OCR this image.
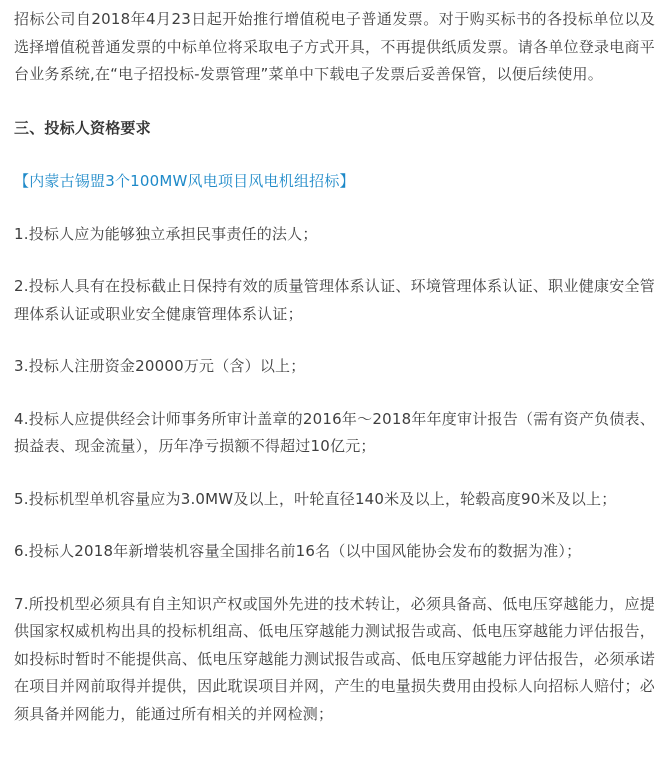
招标公司自2018年4月23日起开始推行增值税电子普通发票。对于购买标书的各投标单位以及选择增值税普通发票的中标单位将采取电子方式开具，不再提供纸质发票。请各单位登录电商平台业务系统,在“电子招投标-发票管理”菜单中下载电子发票后妥善保管，以便后续使用。

三、投标人资格要求

【内蒙古锡盟3个100MW风电项目风电机组招标】

1.投标人应为能够独立承担民事责任的法人；

2.投标人具有在投标截止日保持有效的质量管理体系认证、环境管理体系认证、职业健康安全管理体系认证或职业安全健康管理体系认证；

3.投标人注册资金20000万元（含）以上；

4.投标人应提供经会计师事务所审计盖章的2016年～2018年年度审计报告（需有资产负债表、损益表、现金流量），历年净亏损额不得超过10亿元；

5.投标机型单机容量应为3.0MW及以上，叶轮直径140米及以上，轮毂高度90米及以上；

6.投标人2018年新增装机容量全国排名前16名（以中国风能协会发布的数据为准）；

7.所投机型必须具有自主知识产权或国外先进的技术转让，必须具备高、低电压穿越能力，应提供国家权威机构出具的投标机组高、低电压穿越能力测试报告或高、低电压穿越能力评估报告，如投标时暂时不能提供高、低电压穿越能力测试报告或高、低电压穿越能力评估报告，必须承诺在项目并网前取得并提供，因此耽误项目并网，产生的电量损失费用由投标人向招标人赔付；必须具备并网能力，能通过所有相关的并网检测；
